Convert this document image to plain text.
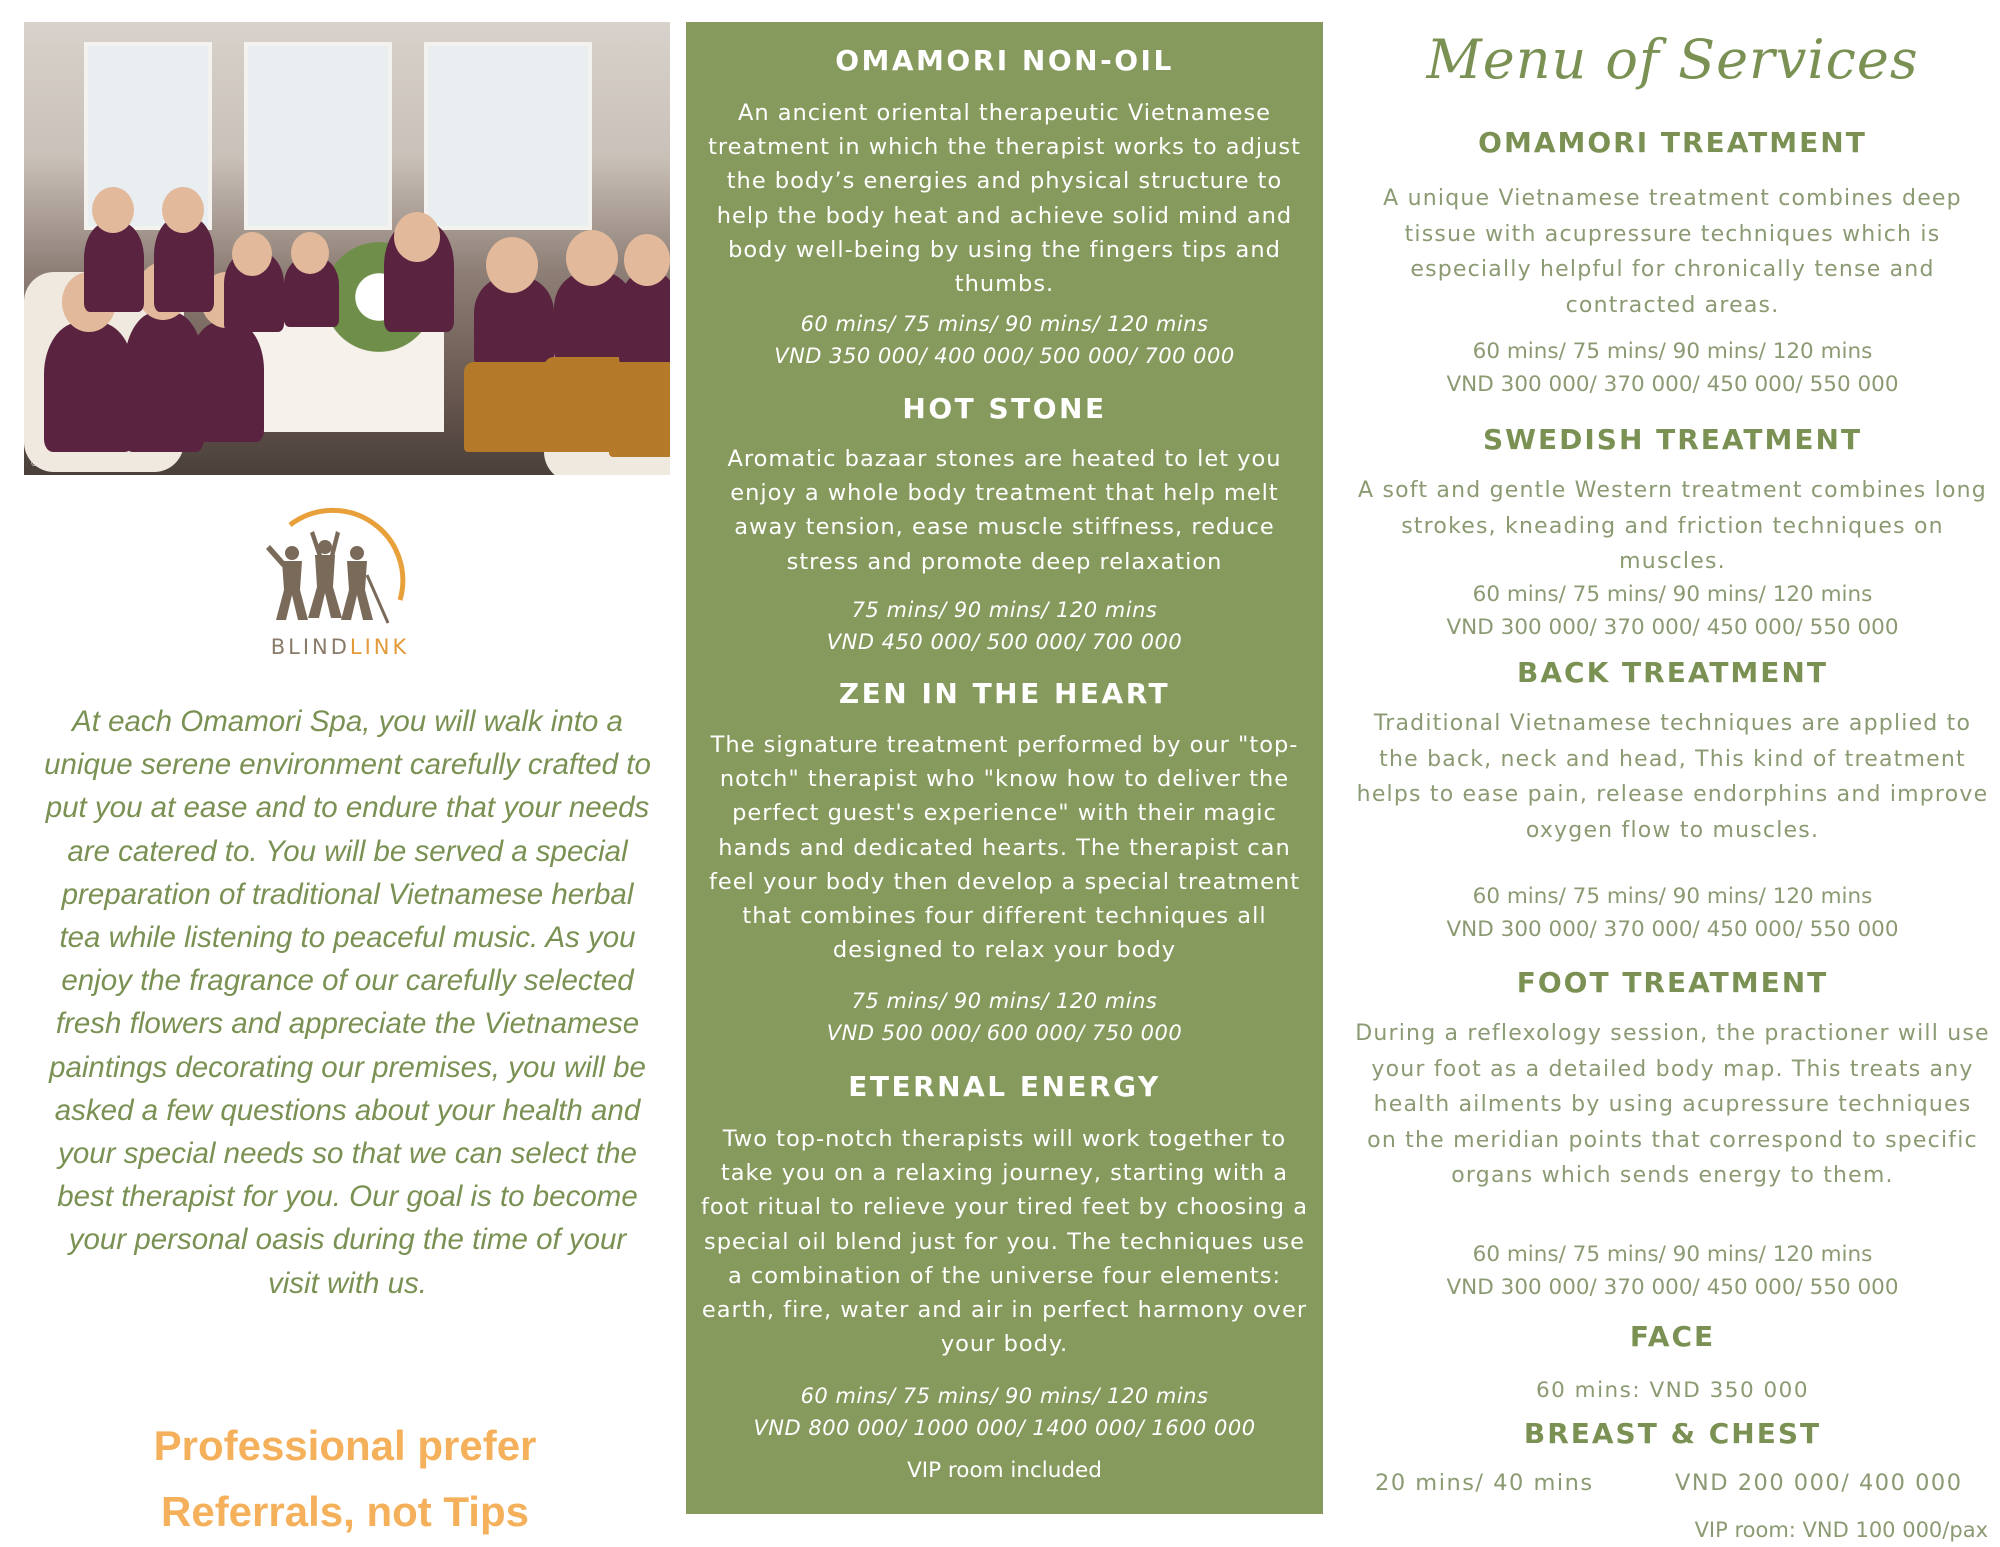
© Omamori Spa 03.4.2018
BLINDLINK
At each Omamori Spa, you will walk into a unique serene environment carefully crafted to put you at ease and to endure that your needs are catered to. You will be served a special preparation of traditional Vietnamese herbal tea while listening to peaceful music. As you enjoy the fragrance of our carefully selected fresh flowers and appreciate the Vietnamese paintings decorating our premises, you will be asked a few questions about your health and your special needs so that we can select the best therapist for you. Our goal is to become your personal oasis during the time of your visit with us.
Professional prefer
Referrals, not Tips
OMAMORI NON-OIL
An ancient oriental therapeutic Vietnamese treatment in which the therapist works to adjust the body’s energies and physical structure to help the body heat and achieve solid mind and body well-being by using the fingers tips and thumbs.
60 mins/ 75 mins/ 90 mins/ 120 mins
VND 350 000/ 400 000/ 500 000/ 700 000
HOT STONE
Aromatic bazaar stones are heated to let you enjoy a whole body treatment that help melt away tension, ease muscle stiffness, reduce stress and promote deep relaxation
75 mins/ 90 mins/ 120 mins
VND 450 000/ 500 000/ 700 000
ZEN IN THE HEART
The signature treatment performed by our "top-notch" therapist who "know how to deliver the perfect guest's experience" with their magic hands and dedicated hearts. The therapist can feel your body then develop a special treatment that combines four different techniques all designed to relax your body
75 mins/ 90 mins/ 120 mins
VND 500 000/ 600 000/ 750 000
ETERNAL ENERGY
Two top-notch therapists will work together to take you on a relaxing journey, starting with a foot ritual to relieve your tired feet by choosing a special oil blend just for you. The techniques use a combination of the universe four elements: earth, fire, water and air in perfect harmony over your body.
60 mins/ 75 mins/ 90 mins/ 120 mins
VND 800 000/ 1000 000/ 1400 000/ 1600 000
VIP room included
Menu of Services
OMAMORI TREATMENT
A unique Vietnamese treatment combines deep tissue with acupressure techniques which is especially helpful for chronically tense and contracted areas.
60 mins/ 75 mins/ 90 mins/ 120 mins
VND 300 000/ 370 000/ 450 000/ 550 000
SWEDISH TREATMENT
A soft and gentle Western treatment combines long strokes, kneading and friction techniques on muscles.
60 mins/ 75 mins/ 90 mins/ 120 mins
VND 300 000/ 370 000/ 450 000/ 550 000
BACK TREATMENT
Traditional Vietnamese techniques are applied to the back, neck and head, This kind of treatment helps to ease pain, release endorphins and improve oxygen flow to muscles.
60 mins/ 75 mins/ 90 mins/ 120 mins
VND 300 000/ 370 000/ 450 000/ 550 000
FOOT TREATMENT
During a reflexology session, the practioner will use your foot as a detailed body map. This treats any health ailments by using acupressure techniques on the meridian points that correspond to specific organs which sends energy to them.
60 mins/ 75 mins/ 90 mins/ 120 mins
VND 300 000/ 370 000/ 450 000/ 550 000
FACE
60 mins: VND 350 000
BREAST & CHEST
20 mins/ 40 mins	VND 200 000/ 400 000
VIP room: VND 100 000/pax
